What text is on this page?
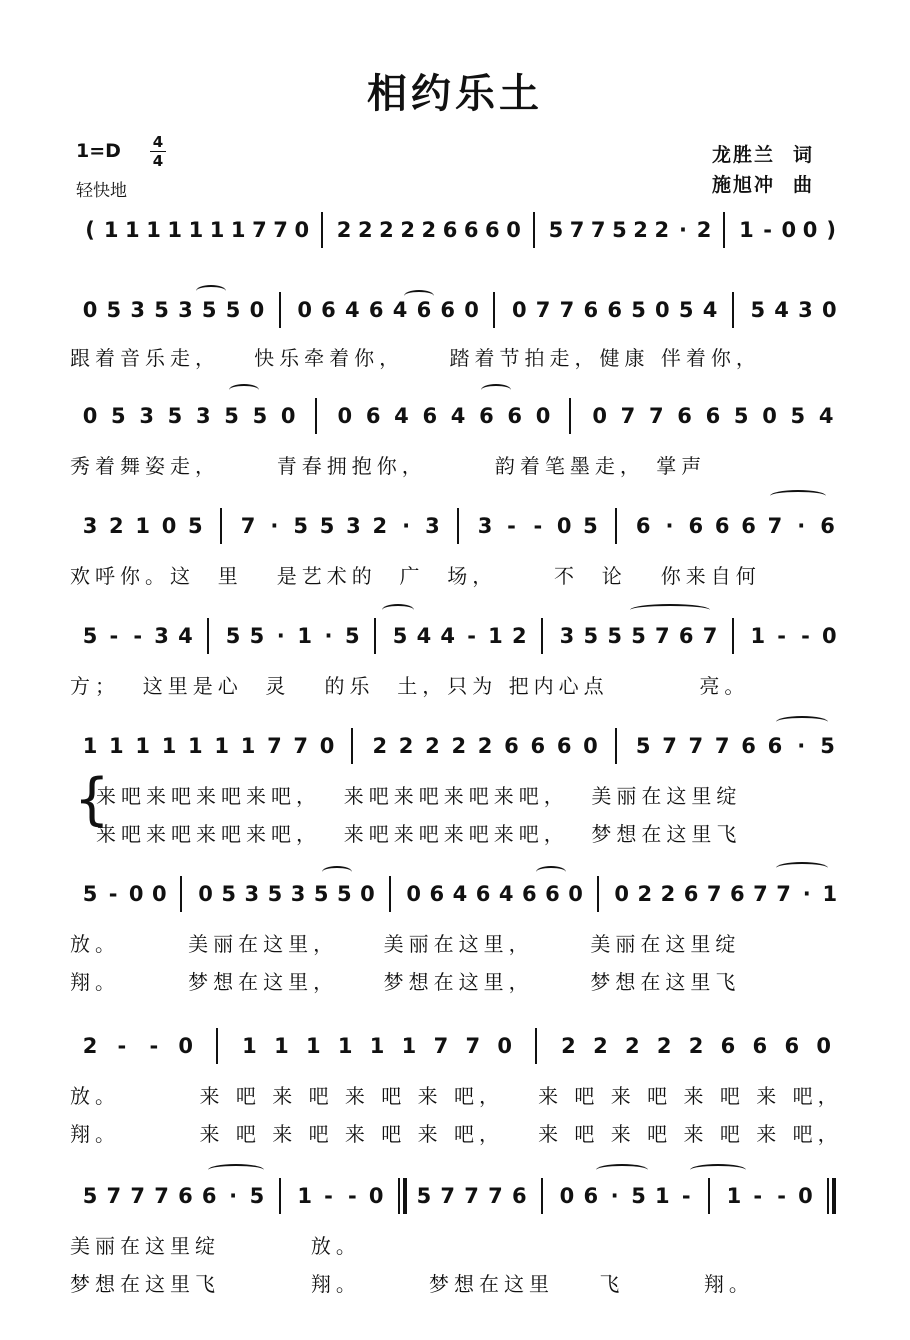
相约乐土
1=D 4
4
轻快地
龙胜兰 词
施旭冲 曲
( 1 1 1 1 1 1 1 7 7 0 2 2 2 2 2 6 6 6 0 5 7 7 5 2 2 · 2 1 - 0 0 )
0 5 3 5 3 5 5 0 0 6 4 6 4 6 6 0 0 7 7 6 6 5 0 5 4 5 4 3 0
跟着音乐走，   快乐牵着你，    踏着节拍走，健康 伴着你，
0 5 3 5 3 5 5 0 0 6 4 6 4 6 6 0 0 7 7 6 6 5 0 5 4
秀着舞姿走，     青春拥抱你，      韵着笔墨走， 掌声
3 2 1 0 5 7 · 5 5 3 2 · 3 3 - - 0 5 6 · 6 6 6 7 · 6
欢呼你。这  里   是艺术的  广  场，     不  论   你来自何
5 - - 3 4 5 5 · 1 · 5 5 4 4 - 1 2 3 5 5 5 7 6 7 1 - - 0
方；  这里是心  灵   的乐  土，只为 把内心点        亮。
1 1 1 1 1 1 1 7 7 0 2 2 2 2 2 6 6 6 0 5 7 7 7 6 6 · 5
来吧来吧来吧来吧，  来吧来吧来吧来吧，  美丽在这里绽
来吧来吧来吧来吧，  来吧来吧来吧来吧，  梦想在这里飞
5 - 0 0 0 5 3 5 3 5 5 0 0 6 4 6 4 6 6 0 0 2 2 6 7 6 7 7 · 1
放。      美丽在这里，    美丽在这里，     美丽在这里绽
翔。      梦想在这里，    梦想在这里，     梦想在这里飞
2 - - 0 1 1 1 1 1 1 7 7 0 2 2 2 2 2 6 6 6 0
放。       来 吧 来 吧 来 吧 来 吧，   来 吧 来 吧 来 吧 来 吧，
翔。       来 吧 来 吧 来 吧 来 吧，   来 吧 来 吧 来 吧 来 吧，
5 7 7 7 6 6 · 5 1 - - 0 5 7 7 7 6 0 6 · 5 1 - 1 - - 0
美丽在这里绽        放。
梦想在这里飞        翔。      梦想在这里    飞       翔。
{
